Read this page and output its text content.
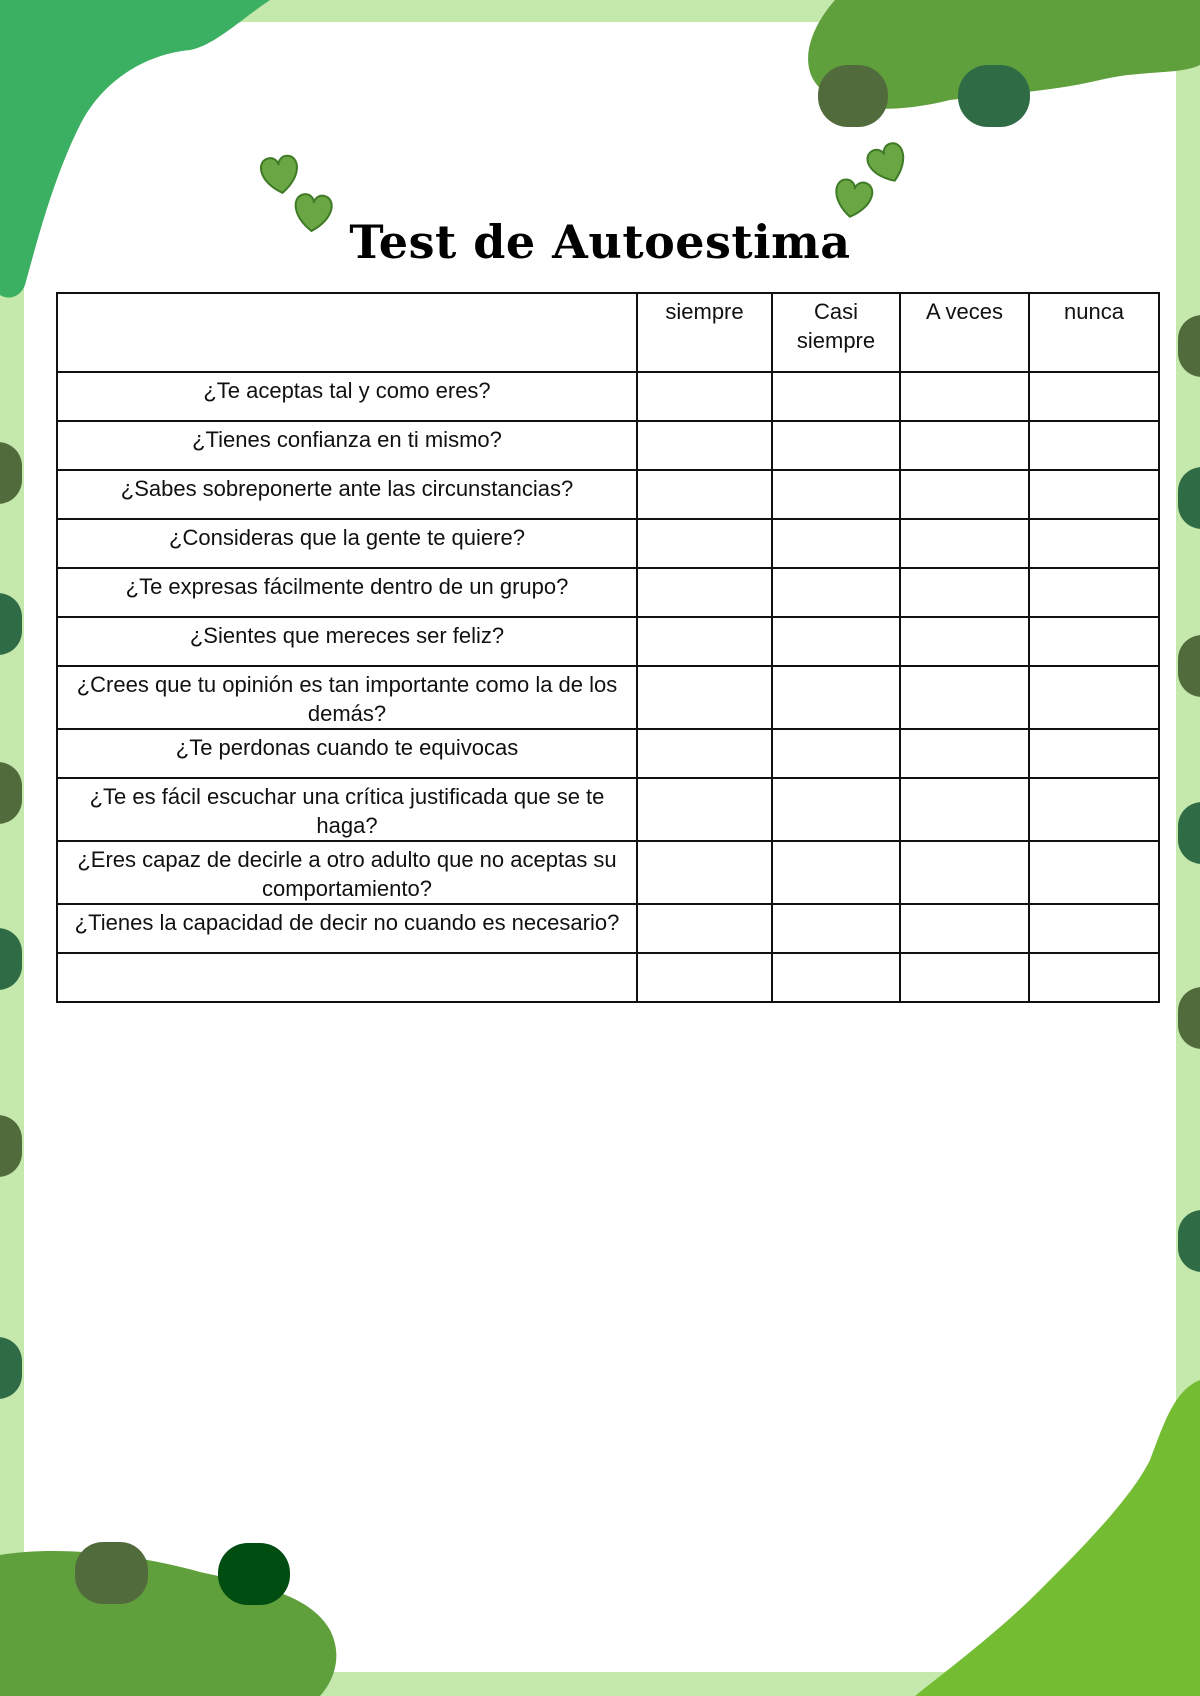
Test de Autoestima
	siempre	Casi siempre	A veces	nunca
¿Te aceptas tal y como eres?				
¿Tienes confianza en ti mismo?				
¿Sabes sobreponerte ante las circunstancias?				
¿Consideras que la gente te quiere?				
¿Te expresas fácilmente dentro de un grupo?				
¿Sientes que mereces ser feliz?				
¿Crees que tu opinión es tan importante como la de los demás?				
¿Te perdonas cuando te equivocas				
¿Te es fácil escuchar una crítica justificada que se te haga?				
¿Eres capaz de decirle a otro adulto que no aceptas su comportamiento?				
¿Tienes la capacidad de decir no cuando es necesario?				
